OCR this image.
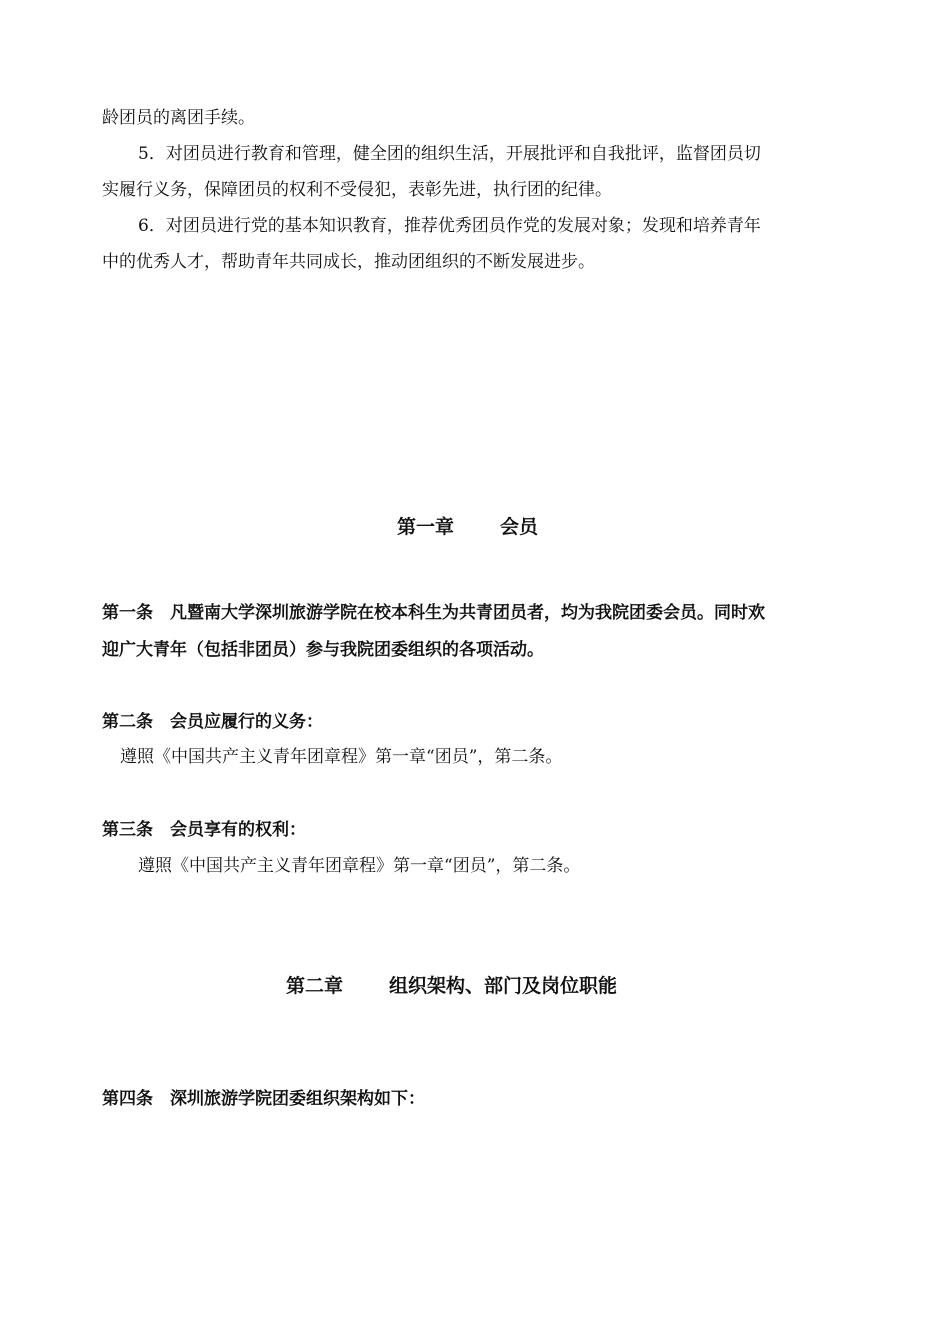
龄团员的离团手续。
5．对团员进行教育和管理，健全团的组织生活，开展批评和自我批评，监督团员切
实履行义务，保障团员的权利不受侵犯，表彰先进，执行团的纪律。
6．对团员进行党的基本知识教育，推荐优秀团员作党的发展对象；发现和培养青年
中的优秀人才，帮助青年共同成长，推动团组织的不断发展进步。
第一章 会员
第一条 凡暨南大学深圳旅游学院在校本科生为共青团员者，均为我院团委会员。同时欢
迎广大青年（包括非团员）参与我院团委组织的各项活动。
第二条 会员应履行的义务：
遵照《中国共产主义青年团章程》第一章“团员”，第二条。
第三条 会员享有的权利：
遵照《中国共产主义青年团章程》第一章“团员”，第二条。
第二章 组织架构、部门及岗位职能
第四条 深圳旅游学院团委组织架构如下：
